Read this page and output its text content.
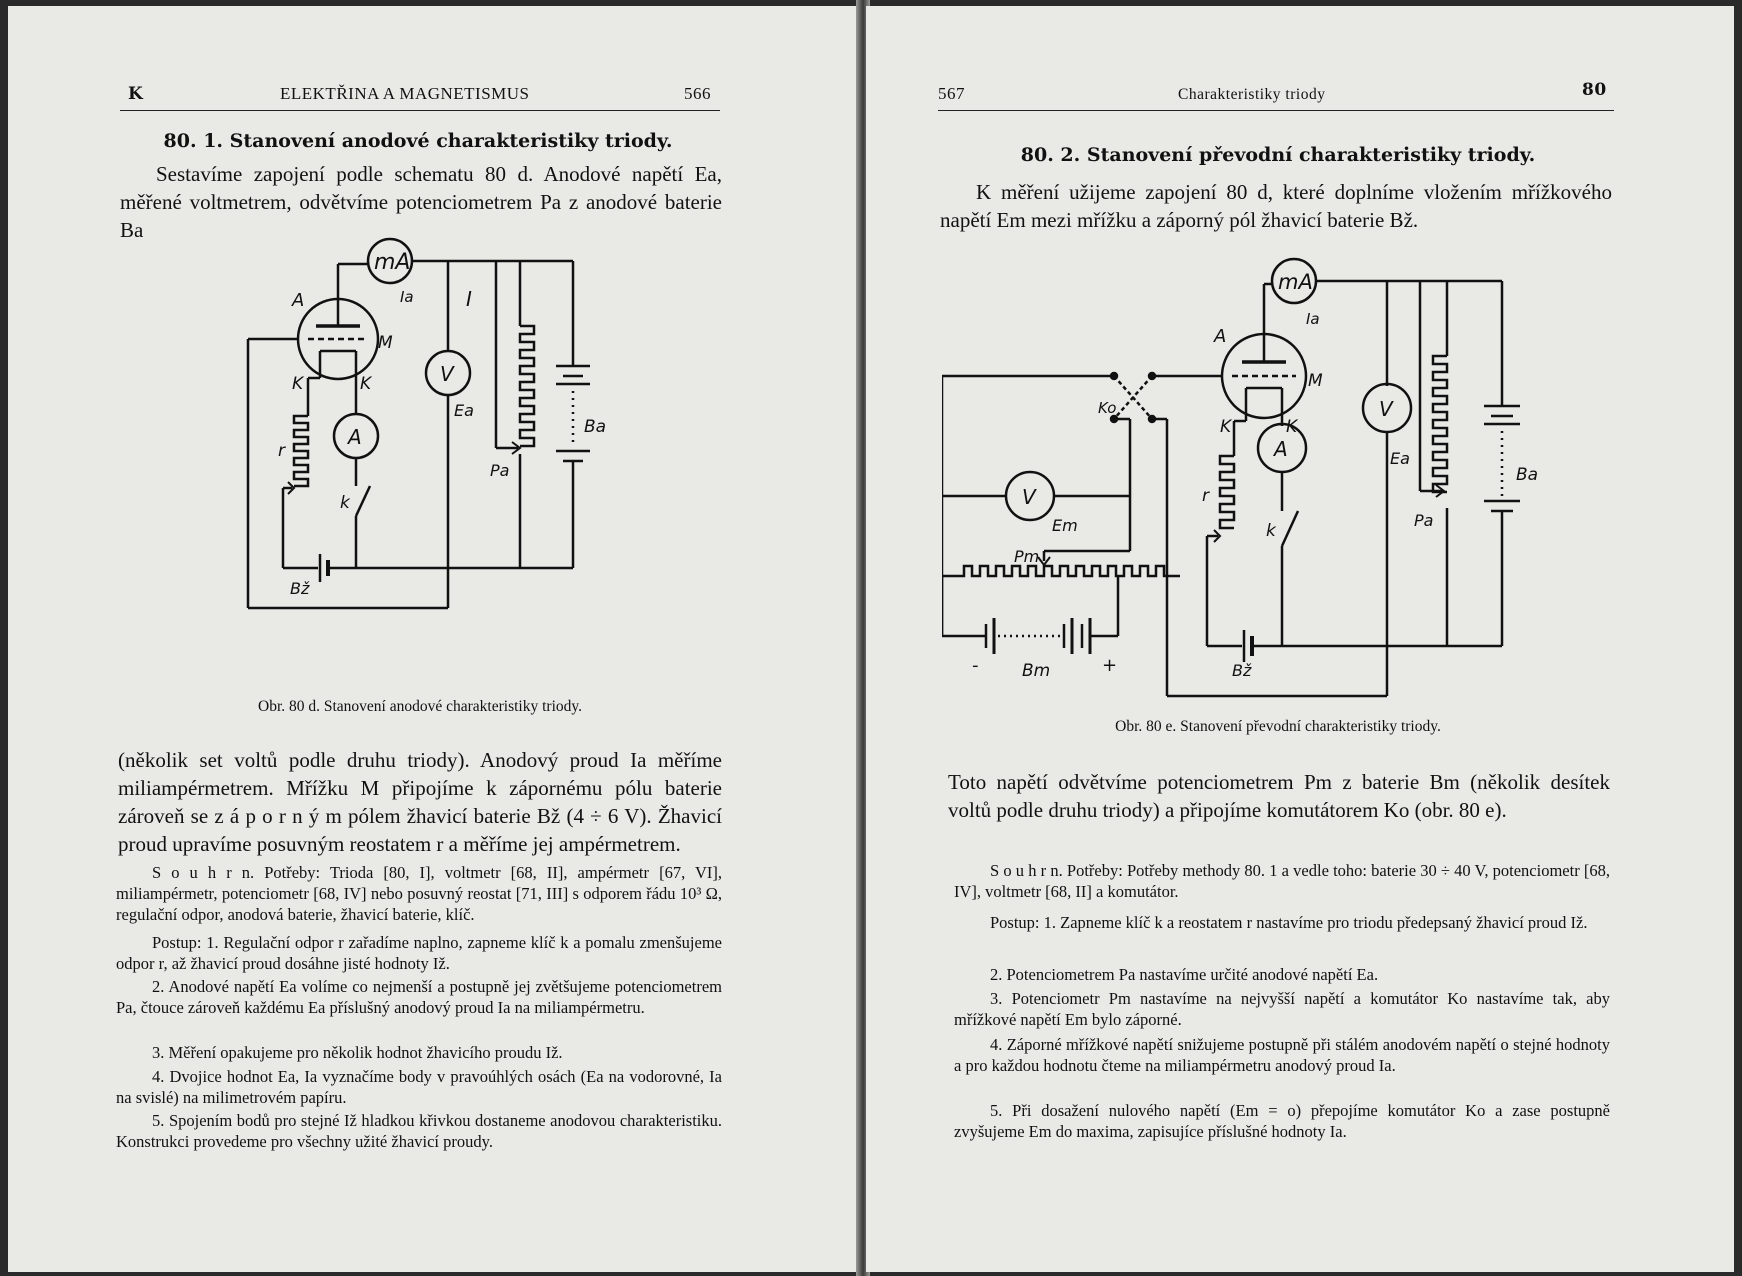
K	ELEKTŘINA A MAGNETISMUS	566
80. 1. Stanovení anodové charakteristiky triody.
Sestavíme zapojení podle schematu 80 d. Anodové napětí Ea, měřené voltmetrem, odvětvíme potenciometrem Pa z anodové baterie Ba
mA
Ia	I
A
M
K	K	V
Ea
Pa
Ba
A
r
k
Bž
Obr. 80 d. Stanovení anodové charakteristiky triody.
(několik set voltů podle druhu triody). Anodový proud Ia měříme miliampérmetrem. Mřížku M připojíme k zápornému pólu baterie zároveň se z á p o r n ý m pólem žhavicí baterie Bž (4 ÷ 6 V). Žhavicí proud upravíme posuvným reostatem r a měříme jej ampérmetrem.
S o u h r n. Potřeby: Trioda [80, I], voltmetr [68, II], ampérmetr [67, VI], miliampérmetr, potenciometr [68, IV] nebo posuvný reostat [71, III] s odporem řádu 10³ Ω, regulační odpor, anodová baterie, žhavicí baterie, klíč.
Postup: 1. Regulační odpor r zařadíme naplno, zapneme klíč k a pomalu zmenšujeme odpor r, až žhavicí proud dosáhne jisté hodnoty Iž.
2. Anodové napětí Ea volíme co nejmenší a postupně jej zvětšujeme potenciometrem Pa, čtouce zároveň každému Ea příslušný anodový proud Ia na miliampérmetru.
3. Měření opakujeme pro několik hodnot žhavicího proudu Iž.
4. Dvojice hodnot Ea, Ia vyznačíme body v pravoúhlých osách (Ea na vodorovné, Ia na svislé) na milimetrovém papíru.
5. Spojením bodů pro stejné Iž hladkou křivkou dostaneme anodovou charakteristiku. Konstrukci provedeme pro všechny užité žhavicí proudy.
567	Charakteristiky triody	80
80. 2. Stanovení převodní charakteristiky triody.
K měření užijeme zapojení 80 d, které doplníme vložením mřížkového napětí Em mezi mřížku a záporný pól žhavicí baterie Bž.
mA
Ia
A
M
K	K
Ko
V
Em
V
Ea
Pm
Pa
Ba
A
r
k
-	+
Bm	Bž
Obr. 80 e. Stanovení převodní charakteristiky triody.
Toto napětí odvětvíme potenciometrem Pm z baterie Bm (několik desítek voltů podle druhu triody) a připojíme komutátorem Ko (obr. 80 e).
S o u h r n. Potřeby: Potřeby methody 80. 1 a vedle toho: baterie 30 ÷ 40 V, potenciometr [68, IV], voltmetr [68, II] a komutátor.
Postup: 1. Zapneme klíč k a reostatem r nastavíme pro triodu předepsaný žhavicí proud Iž.
2. Potenciometrem Pa nastavíme určité anodové napětí Ea.
3. Potenciometr Pm nastavíme na nejvyšší napětí a komutátor Ko nastavíme tak, aby mřížkové napětí Em bylo záporné.
4. Záporné mřížkové napětí snižujeme postupně při stálém anodovém napětí o stejné hodnoty a pro každou hodnotu čteme na miliampérmetru anodový proud Ia.
5. Při dosažení nulového napětí (Em = o) přepojíme komutátor Ko a zase postupně zvyšujeme Em do maxima, zapisujíce příslušné hodnoty Ia.
